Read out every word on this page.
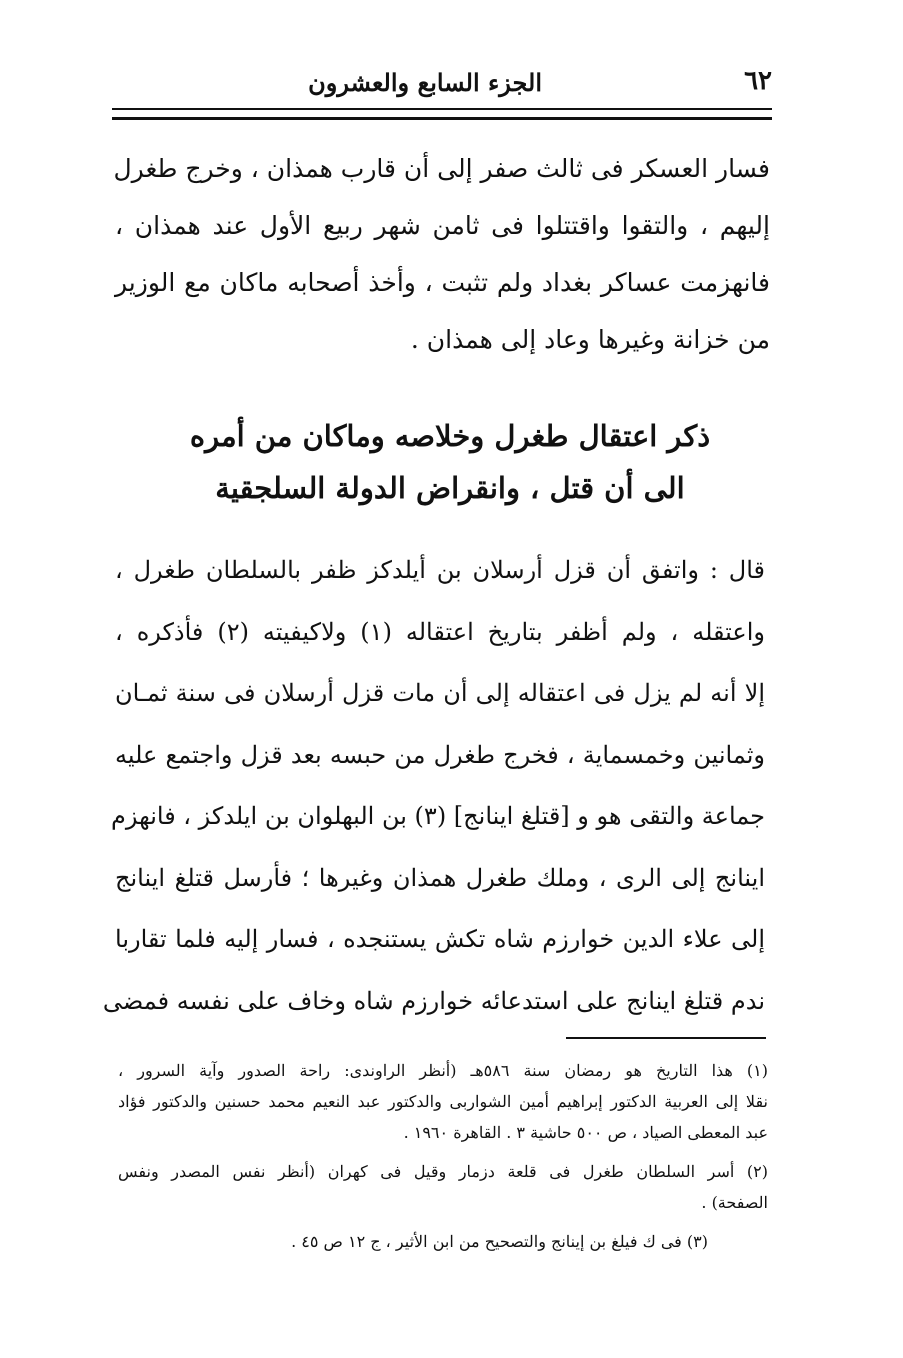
٦٢
الجزء السابع والعشرون

فسار العسكر فى ثالث صفر إلى أن قارب همذان ، وخرج طغرل

إليهم ، والتقوا واقتتلوا فى ثامن شهر ربيع الأول عند همذان ،

فانهزمت عساكر بغداد ولم تثبت ، وأخذ أصحابه ماكان مع الوزير

من خزانة وغيرها وعاد إلى همذان .

ذكر اعتقال طغرل وخلاصه وماكان من أمره

الى أن قتل ، وانقراض الدولة السلجقية

قال : واتفق أن قزل أرسلان بن أيلدكز ظفر بالسلطان طغرل ،

واعتقله ، ولم أظفر بتاريخ اعتقاله (١) ولاكيفيته (٢) فأذكره ،

إلا أنه لم يزل فى اعتقاله إلى أن مات قزل أرسلان فى سنة ثمـان

وثمانين وخمسماية ، فخرج طغرل من حبسه بعد قزل واجتمع عليه

جماعة والتقى هو و [قتلغ اينانج] (٣) بن البهلوان بن ايلدكز ، فانهزم

اينانج إلى الرى ، وملك طغرل همذان وغيرها ؛ فأرسل قتلغ اينانج

إلى علاء الدين خوارزم شاه تكش يستنجده ، فسار إليه فلما تقاربا

ندم قتلغ اينانج على استدعائه خوارزم شاه وخاف على نفسه فمضى

(١) هذا التاريخ هو رمضان سنة ٥٨٦هـ (أنظر الراوندى: راحة الصدور وآية السرور ،
نقلا إلى العربية الدكتور إبراهيم أمين الشواربى والدكتور عبد النعيم محمد حسنين والدكتور فؤاد
عبد المعطى الصياد ، ص ٥٠٠ حاشية ٣ . القاهرة ١٩٦٠ .
(٢) أسر السلطان طغرل فى قلعة دزمار وقيل فى كهران (أنظر نفس المصدر ونفس
الصفحة) .
(٣) فى ك فيلغ بن إينانج والتصحيح من ابن الأثير ، ج ١٢ ص ٤٥ .
